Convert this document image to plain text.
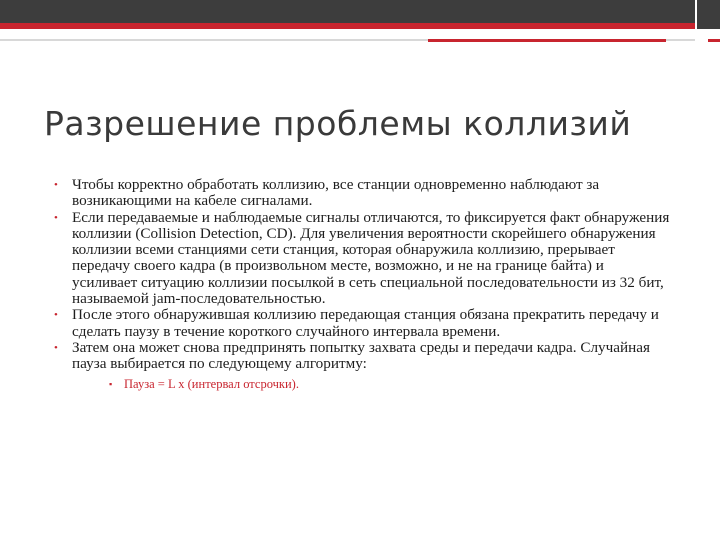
Разрешение проблемы коллизий
• Чтобы корректно обработать коллизию, все станции одновременно наблюдают за возникающими на кабеле сигналами.
• Если передаваемые и наблюдаемые сигналы отличаются, то фиксируется факт обнаружения коллизии (Collision Detection, CD). Для увеличения вероятности скорейшего обнаружения коллизии всеми станциями сети станция, которая обнаружила коллизию, прерывает передачу своего кадра (в произвольном месте, возможно, и не на границе байта) и усиливает ситуацию коллизии посылкой в сеть специальной последовательности из 32 бит, называемой jam-последовательностью.
• После этого обнаружившая коллизию передающая станция обязана прекратить передачу и сделать паузу в течение короткого случайного интервала времени.
• Затем она может снова предпринять попытку захвата среды и передачи кадра. Случайная пауза выбирается по следующему алгоритму:
▪ Пауза = L x (интервал отсрочки).
